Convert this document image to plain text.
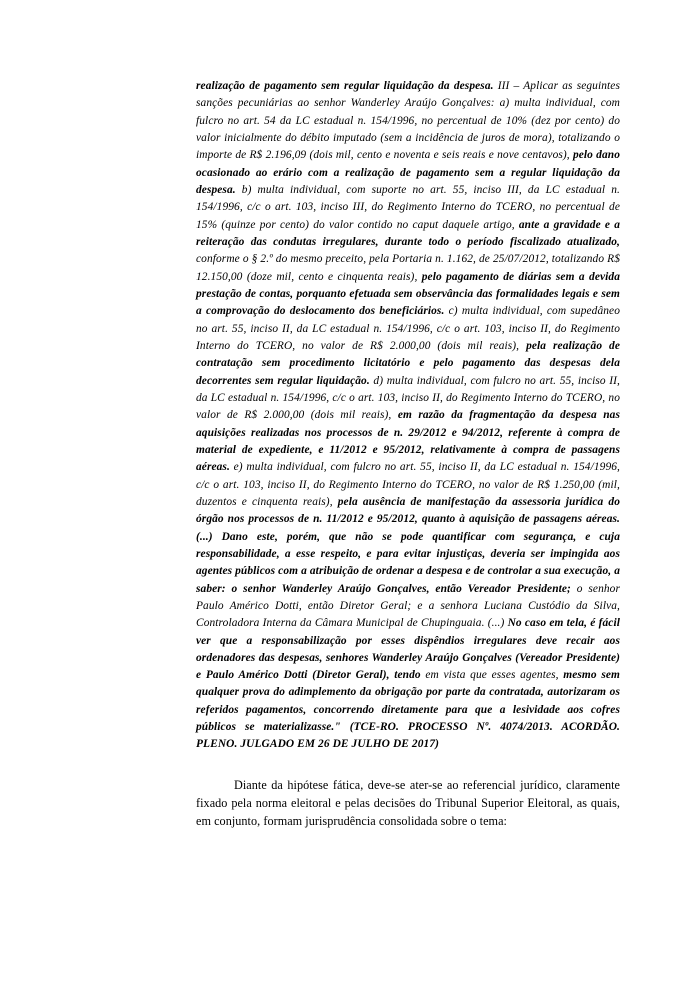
realização de pagamento sem regular liquidação da despesa. III – Aplicar as seguintes sanções pecuniárias ao senhor Wanderley Araújo Gonçalves: a) multa individual, com fulcro no art. 54 da LC estadual n. 154/1996, no percentual de 10% (dez por cento) do valor inicialmente do débito imputado (sem a incidência de juros de mora), totalizando o importe de R$ 2.196,09 (dois mil, cento e noventa e seis reais e nove centavos), pelo dano ocasionado ao erário com a realização de pagamento sem a regular liquidação da despesa. b) multa individual, com suporte no art. 55, inciso III, da LC estadual n. 154/1996, c/c o art. 103, inciso III, do Regimento Interno do TCERO, no percentual de 15% (quinze por cento) do valor contido no caput daquele artigo, ante a gravidade e a reiteração das condutas irregulares, durante todo o período fiscalizado atualizado, conforme o § 2.º do mesmo preceito, pela Portaria n. 1.162, de 25/07/2012, totalizando R$ 12.150,00 (doze mil, cento e cinquenta reais), pelo pagamento de diárias sem a devida prestação de contas, porquanto efetuada sem observância das formalidades legais e sem a comprovação do deslocamento dos beneficiários. c) multa individual, com supedâneo no art. 55, inciso II, da LC estadual n. 154/1996, c/c o art. 103, inciso II, do Regimento Interno do TCERO, no valor de R$ 2.000,00 (dois mil reais), pela realização de contratação sem procedimento licitatório e pelo pagamento das despesas dela decorrentes sem regular liquidação. d) multa individual, com fulcro no art. 55, inciso II, da LC estadual n. 154/1996, c/c o art. 103, inciso II, do Regimento Interno do TCERO, no valor de R$ 2.000,00 (dois mil reais), em razão da fragmentação da despesa nas aquisições realizadas nos processos de n. 29/2012 e 94/2012, referente à compra de material de expediente, e 11/2012 e 95/2012, relativamente à compra de passagens aéreas. e) multa individual, com fulcro no art. 55, inciso II, da LC estadual n. 154/1996, c/c o art. 103, inciso II, do Regimento Interno do TCERO, no valor de R$ 1.250,00 (mil, duzentos e cinquenta reais), pela ausência de manifestação da assessoria jurídica do órgão nos processos de n. 11/2012 e 95/2012, quanto à aquisição de passagens aéreas. (...) Dano este, porém, que não se pode quantificar com segurança, e cuja responsabilidade, a esse respeito, e para evitar injustiças, deveria ser impingida aos agentes públicos com a atribuição de ordenar a despesa e de controlar a sua execução, a saber: o senhor Wanderley Araújo Gonçalves, então Vereador Presidente; o senhor Paulo Américo Dotti, então Diretor Geral; e a senhora Luciana Custódio da Silva, Controladora Interna da Câmara Municipal de Chupinguaia. (...) No caso em tela, é fácil ver que a responsabilização por esses dispêndios irregulares deve recair aos ordenadores das despesas, senhores Wanderley Araújo Gonçalves (Vereador Presidente) e Paulo Américo Dotti (Diretor Geral), tendo em vista que esses agentes, mesmo sem qualquer prova do adimplemento da obrigação por parte da contratada, autorizaram os referidos pagamentos, concorrendo diretamente para que a lesividade aos cofres públicos se materializasse." (TCE-RO. PROCESSO Nº. 4074/2013. ACORDÃO. PLENO. JULGADO EM 26 DE JULHO DE 2017)

Diante da hipótese fática, deve-se ater-se ao referencial jurídico, claramente fixado pela norma eleitoral e pelas decisões do Tribunal Superior Eleitoral, as quais, em conjunto, formam jurisprudência consolidada sobre o tema:
